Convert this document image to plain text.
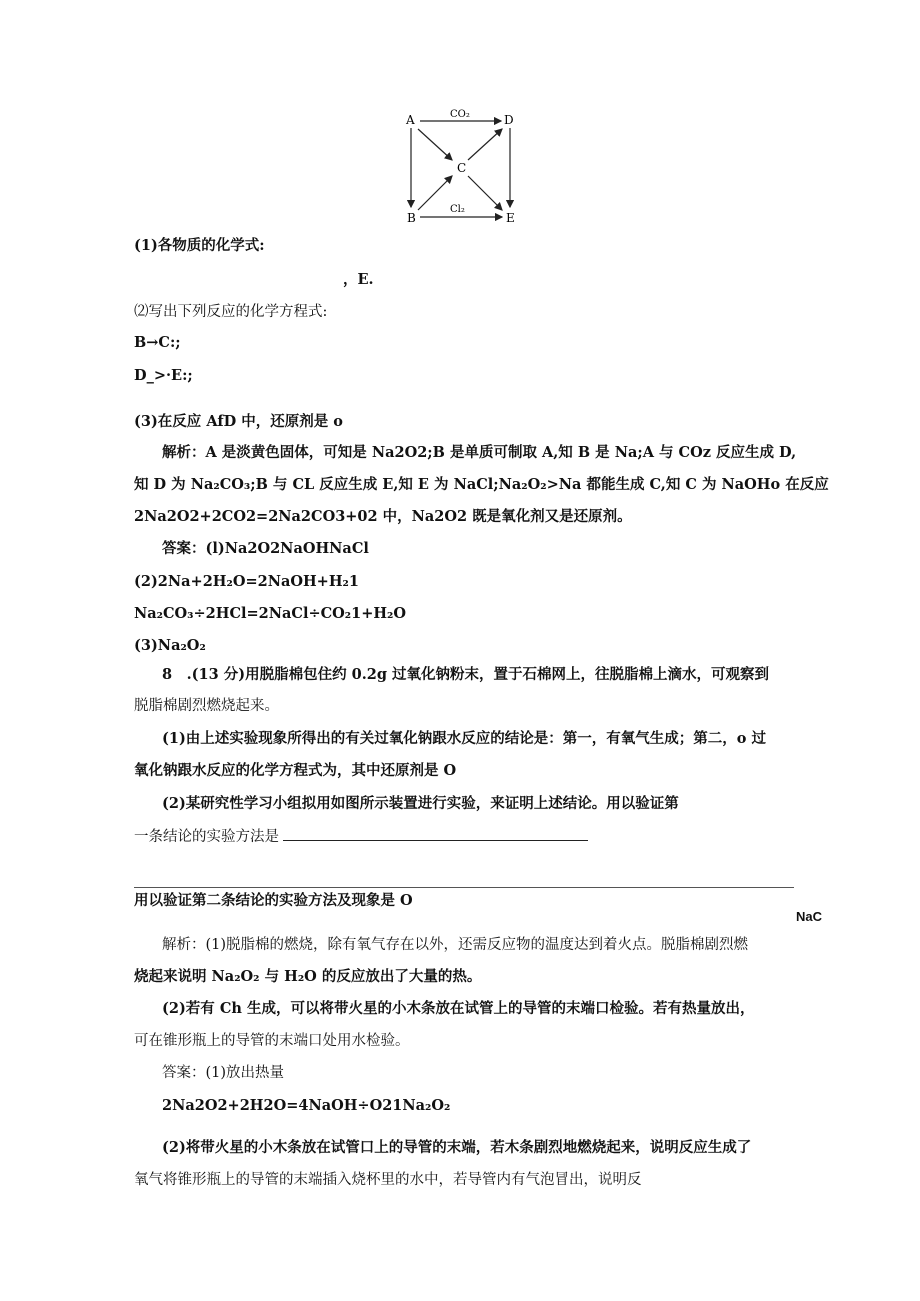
A	D
C
B	E
CO₂
Cl₂
(1)各物质的化学式:
，E.
⑵写出下列反应的化学方程式:
B→C:;
D_>·E:;
(3)在反应 AfD 中，还原剂是 o
解析：A 是淡黄色固体，可知是 Na2O2;B 是单质可制取 A,知 B 是 Na;A 与 COz 反应生成 D,
知 D 为 Na₂CO₃;B 与 CL 反应生成 E,知 E 为 NaCl;Na₂O₂>Na 都能生成 C,知 C 为 NaOHo 在反应
2Na2O2+2CO2=2Na2CO3+02 中，Na2O2 既是氧化剂又是还原剂。
答案：(l)Na2O2NaOHNaCl
(2)2Na+2H₂O=2NaOH+H₂1
Na₂CO₃÷2HCl=2NaCl÷CO₂1+H₂O
(3)Na₂O₂
8　.(13 分)用脱脂棉包住约 0.2g 过氧化钠粉末，置于石棉网上，往脱脂棉上滴水，可观察到
脱脂棉剧烈燃烧起来。
(1)由上述实验现象所得出的有关过氧化钠跟水反应的结论是：第一，有氧气生成；第二，o 过
氧化钠跟水反应的化学方程式为，其中还原剂是 O
(2)某研究性学习小组拟用如图所示装置进行实验，来证明上述结论。用以验证第
一条结论的实验方法是
用以验证第二条结论的实验方法及现象是 O
NaC
解析：(1)脱脂棉的燃烧，除有氧气存在以外，还需反应物的温度达到着火点。脱脂棉剧烈燃
烧起来说明 Na₂O₂ 与 H₂O 的反应放出了大量的热。
(2)若有 Ch 生成，可以将带火星的小木条放在试管上的导管的末端口检验。若有热量放出，
可在锥形瓶上的导管的末端口处用水检验。
答案：(1)放出热量
2Na2O2+2H2O=4NaOH÷O21Na₂O₂
(2)将带火星的小木条放在试管口上的导管的末端，若木条剧烈地燃烧起来，说明反应生成了
氧气将锥形瓶上的导管的末端插入烧杯里的水中，若导管内有气泡冒出，说明反
